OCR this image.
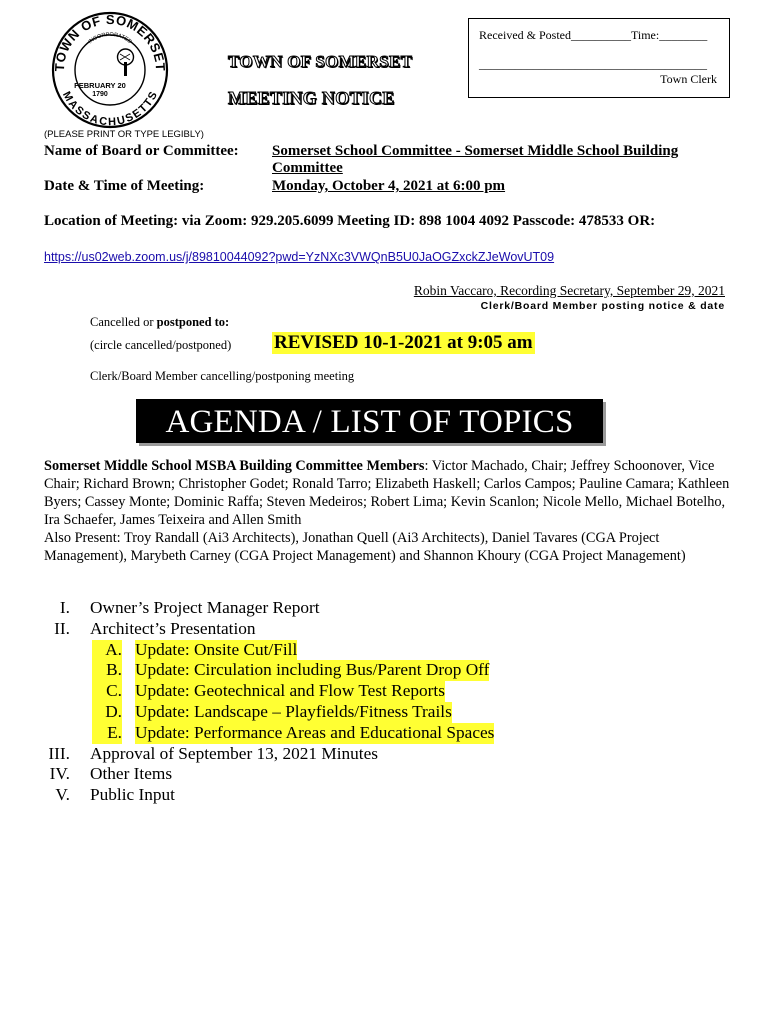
TOWN OF SOMERSET
MASSACHUSETTS
INCORPORATED
FEBRUARY 20
1790
Received & Posted__________Time:________
______________________________________
Town Clerk
TOWN OF SOMERSET
MEETING NOTICE
(PLEASE PRINT OR TYPE LEGIBLY)
Name of Board or Committee: Somerset School Committee - Somerset Middle School Building
Committee
Date & Time of Meeting:	Monday, October 4, 2021 at 6:00 pm
Location of Meeting: via Zoom: 929.205.6099 Meeting ID: 898 1004 4092 Passcode: 478533 OR:
https://us02web.zoom.us/j/89810044092?pwd=YzNXc3VWQnB5U0JaOGZxckZJeWovUT09
Robin Vaccaro, Recording Secretary, September 29, 2021
Clerk/Board Member posting notice & date
Cancelled or postponed to:
(circle cancelled/postponed) REVISED 10-1-2021 at 9:05 am
Clerk/Board Member cancelling/postponing meeting
AGENDA / LIST OF TOPICS
Somerset Middle School MSBA Building Committee Members: Victor Machado, Chair; Jeffrey Schoonover, Vice Chair; Richard Brown; Christopher Godet; Ronald Tarro; Elizabeth Haskell; Carlos Campos; Pauline Camara; Kathleen Byers; Cassey Monte; Dominic Raffa; Steven Medeiros; Robert Lima; Kevin Scanlon; Nicole Mello, Michael Botelho, Ira Schaefer, James Teixeira and Allen Smith
Also Present: Troy Randall (Ai3 Architects), Jonathan Quell (Ai3 Architects), Daniel Tavares (CGA Project Management), Marybeth Carney (CGA Project Management) and Shannon Khoury (CGA Project Management)
I. Owner’s Project Manager Report
II. Architect’s Presentation
A. Update: Onsite Cut/Fill
B. Update: Circulation including Bus/Parent Drop Off
C. Update: Geotechnical and Flow Test Reports
D. Update: Landscape – Playfields/Fitness Trails
E. Update: Performance Areas and Educational Spaces
III. Approval of September 13, 2021 Minutes
IV. Other Items
V. Public Input
